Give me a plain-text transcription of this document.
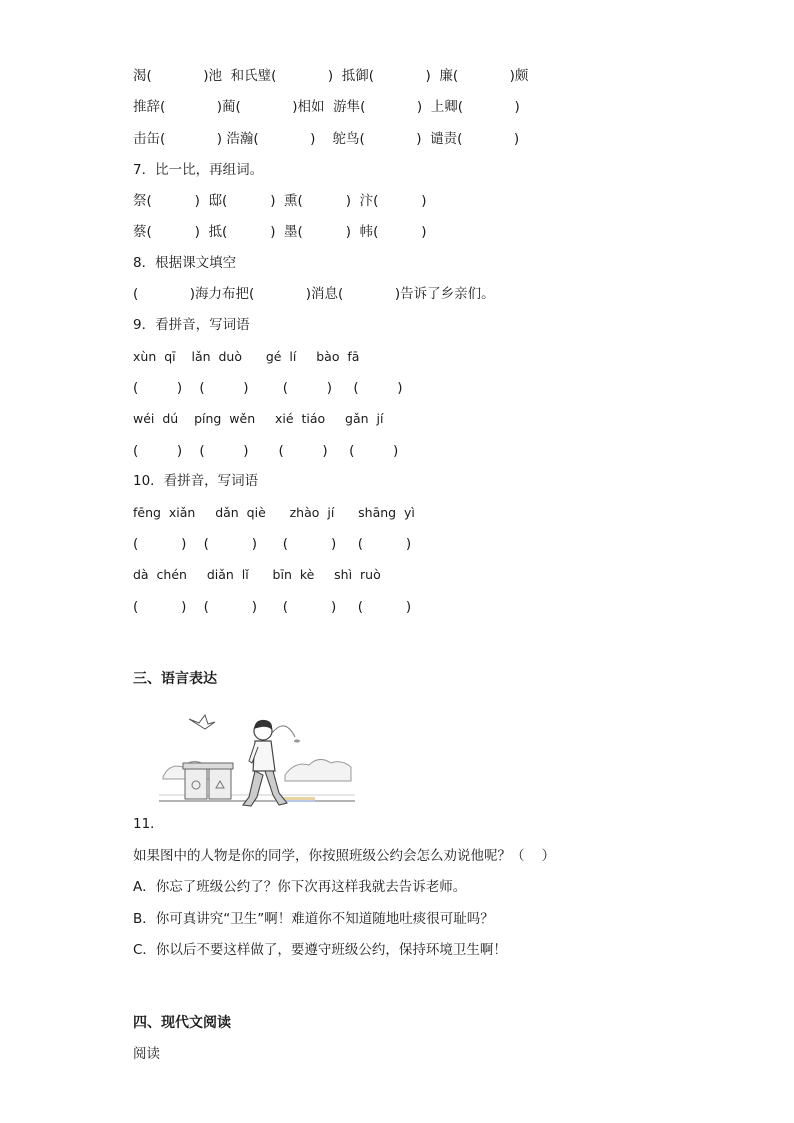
渴(            )池  和氏璧(            )  抵御(            )  廉(            )颇
推辞(            )蔺(            )相如  游隼(            )  上卿(            )
击缶(            ) 浩瀚(            )    鸵鸟(            )  谴责(            )
7．比一比，再组词。
祭(          )  邸(          )  熏(          )  汴(          )
蔡(          )  抵(          )  墨(          )  帏(          )
8．根据课文填空
(            )海力布把(            )消息(            )告诉了乡亲们。
9．看拼音，写词语
xùn  qī    lǎn  duò      gé  lí     bào  fā
(         )    (         )        (         )     (         )
wéi  dú    píng  wěn     xié  tiáo     gǎn  jí
(         )    (         )       (         )     (         )
10．看拼音，写词语
fēng  xiǎn     dǎn  qiè      zhào  jí      shāng  yì
(          )    (          )      (          )     (          )
dà  chén     diǎn  lǐ      bīn  kè     shì  ruò
(          )    (          )      (          )     (          )
三、语言表达
11．
如果图中的人物是你的同学，你按照班级公约会怎么劝说他呢？（    ）
A．你忘了班级公约了？你下次再这样我就去告诉老师。
B．你可真讲究“卫生”啊！难道你不知道随地吐痰很可耻吗？
C．你以后不要这样做了，要遵守班级公约，保持环境卫生啊！
四、现代文阅读
阅读
